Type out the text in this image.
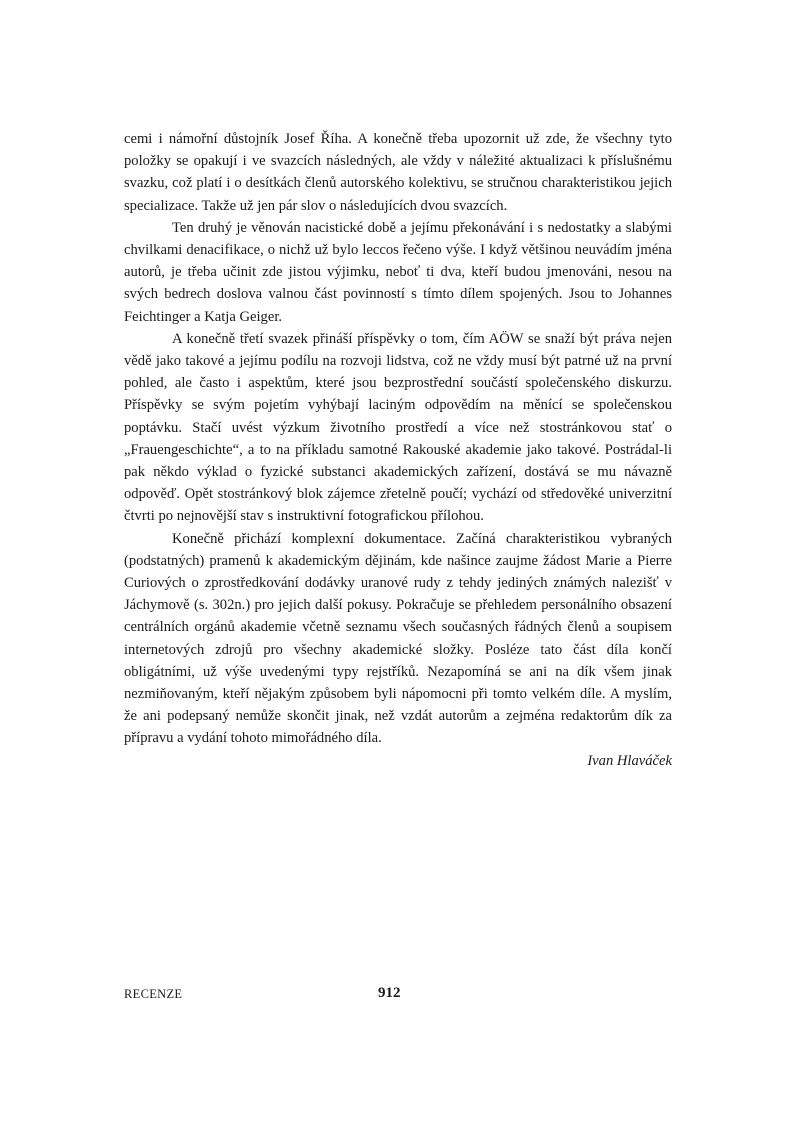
cemi i námořní důstojník Josef Říha. A konečně třeba upozornit už zde, že všechny tyto položky se opakují i ve svazcích následných, ale vždy v náležité aktualizaci k příslušnému svazku, což platí i o desítkách členů autorského kolektivu, se stručnou charakteristikou jejich specializace. Takže už jen pár slov o následujících dvou svazcích.

Ten druhý je věnován nacistické době a jejímu překonávání i s nedostatky a slabými chvilkami denacifikace, o nichž už bylo leccos řečeno výše. I když většinou neuvádím jména autorů, je třeba učinit zde jistou výjimku, neboť ti dva, kteří budou jmenováni, nesou na svých bedrech doslova valnou část povinností s tímto dílem spojených. Jsou to Johannes Feichtinger a Katja Geiger.

A konečně třetí svazek přináší příspěvky o tom, čím AÖW se snaží být práva nejen vědě jako takové a jejímu podílu na rozvoji lidstva, což ne vždy musí být patrné už na první pohled, ale často i aspektům, které jsou bezprostřední součástí společenského diskurzu. Příspěvky se svým pojetím vyhýbají laciným odpovědím na měnící se společenskou poptávku. Stačí uvést výzkum životního prostředí a více než stostránkovou stať o „Frauengeschichte“, a to na příkladu samotné Rakouské akademie jako takové. Postrádal-li pak někdo výklad o fyzické substanci akademických zařízení, dostává se mu návazně odpověď. Opět stostránkový blok zájemce zřetelně poučí; vychází od středověké univerzitní čtvrti po nejnovější stav s instruktivní fotografickou přílohou.

Konečně přichází komplexní dokumentace. Začíná charakteristikou vybraných (podstatných) pramenů k akademickým dějinám, kde našince zaujme žádost Marie a Pierre Curiových o zprostředkování dodávky uranové rudy z tehdy jediných známých nalezišť v Jáchymově (s. 302n.) pro jejich další pokusy. Pokračuje se přehledem personálního obsazení centrálních orgánů akademie včetně seznamu všech současných řádných členů a soupisem internetových zdrojů pro všechny akademické složky. Posléze tato část díla končí obligátními, už výše uvedenými typy rejstříků. Nezapomíná se ani na dík všem jinak nezmiňovaným, kteří nějakým způsobem byli nápomocni při tomto velkém díle. A myslím, že ani podepsaný nemůže skončit jinak, než vzdát autorům a zejména redaktorům dík za přípravu a vydání tohoto mimořádného díla.

Ivan Hlaváček

RECENZE	912
